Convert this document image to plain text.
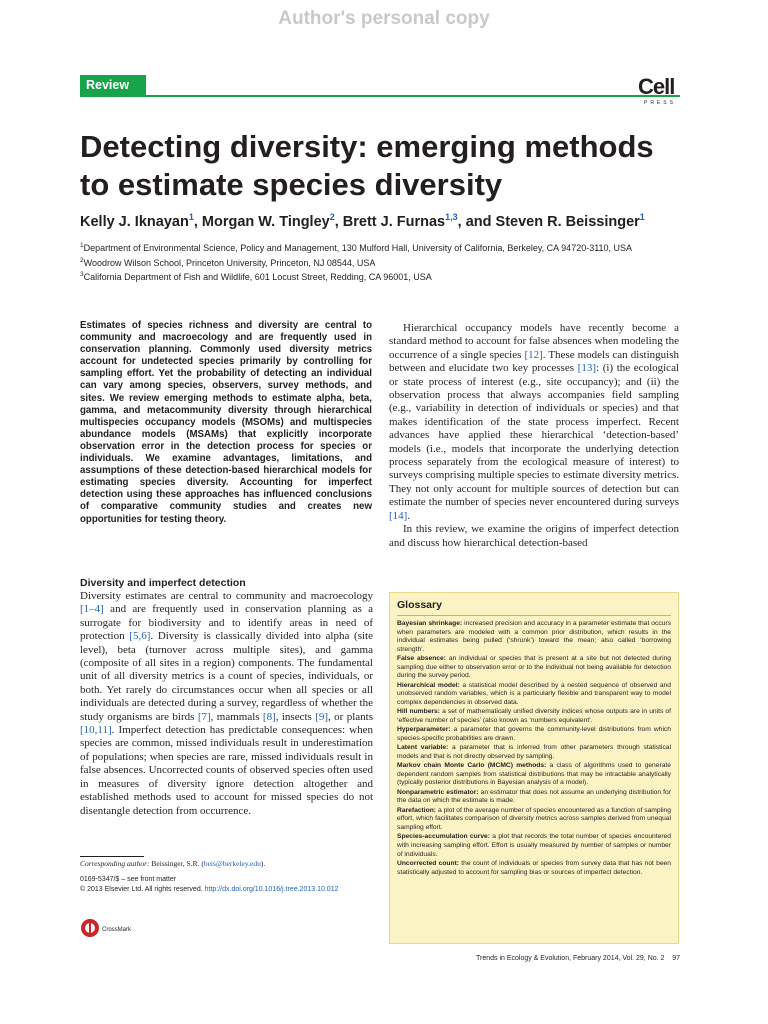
Author's personal copy
Review	Cell
PRESS
Detecting diversity: emerging methods to estimate species diversity
Kelly J. Iknayan$^1$, Morgan W. Tingley$^2$, Brett J. Furnas$^{1,3}$, and Steven R. Beissinger$^1$
$^1$Department of Environmental Science, Policy and Management, 130 Mulford Hall, University of California, Berkeley, CA 94720-3110, USA
$^2$Woodrow Wilson School, Princeton University, Princeton, NJ 08544, USA
$^3$California Department of Fish and Wildlife, 601 Locust Street, Redding, CA 96001, USA
Estimates of species richness and diversity are central to community and macroecology and are frequently used in conservation planning. Commonly used diversity metrics account for undetected species primarily by controlling for sampling effort. Yet the probability of detecting an individual can vary among species, observers, survey methods, and sites. We review emerging methods to estimate alpha, beta, gamma, and metacommunity diversity through hierarchical multispecies occupancy models (MSOMs) and multispecies abundance models (MSAMs) that explicitly incorporate observation error in the detection process for species or individuals. We examine advantages, limitations, and assumptions of these detection-based hierarchical models for estimating species diversity. Accounting for imperfect detection using these approaches has influenced conclusions of comparative community studies and creates new opportunities for testing theory.
Diversity and imperfect detection

Diversity estimates are central to community and macroecology [1–4] and are frequently used in conservation planning as a surrogate for biodiversity and to identify areas in need of protection [5,6]. Diversity is classically divided into alpha (site level), beta (turnover across multiple sites), and gamma (composite of all sites in a region) components. The fundamental unit of all diversity metrics is a count of species, individuals, or both. Yet rarely do circumstances occur when all species or all individuals are detected during a survey, regardless of whether the study organisms are birds [7], mammals [8], insects [9], or plants [10,11]. Imperfect detection has predictable consequences: when species are common, missed individuals result in underestimation of populations; when species are rare, missed individuals result in false absences. Uncorrected counts of observed species often used in measures of diversity ignore detection altogether and established methods used to account for missed species do not disentangle detection from occurrence.

Hierarchical occupancy models have recently become a standard method to account for false absences when modeling the occurrence of a single species [12]. These models can distinguish between and elucidate two key processes [13]: (i) the ecological or state process of interest (e.g., site occupancy); and (ii) the observation process that always accompanies field sampling (e.g., variability in detection of individuals or species) and that makes identification of the state process imperfect. Recent advances have applied these hierarchical ‘detection-based’ models (i.e., models that incorporate the underlying detection process separately from the ecological measure of interest) to surveys comprising multiple species to estimate diversity metrics. They not only account for multiple sources of detection but can estimate the number of species never encountered during surveys [14].

In this review, we examine the origins of imperfect detection and discuss how hierarchical detection-based

Corresponding author: Beissinger, S.R. (beis@berkeley.edu).
0169-5347/$ – see front matter
© 2013 Elsevier Ltd. All rights reserved. http://dx.doi.org/10.1016/j.tree.2013.10.012
CrossMark
Glossary
Bayesian shrinkage: increased precision and accuracy in a parameter estimate that occurs when parameters are modeled with a common prior distribution, which results in the individual estimates being pulled (‘shrunk’) toward the mean; also called ‘borrowing strength’.
False absence: an individual or species that is present at a site but not detected during sampling due either to observation error or to the individual not being available for detection during the survey period.
Hierarchical model: a statistical model described by a nested sequence of observed and unobserved random variables, which is a particularly flexible and transparent way to model complex dependencies in observed data.
Hill numbers: a set of mathematically unified diversity indices whose outputs are in units of ‘effective number of species’ (also known as ‘numbers equivalent’.
Hyperparameter: a parameter that governs the community-level distributions from which species-specific probabilities are drawn.
Latent variable: a parameter that is inferred from other parameters through statistical models and that is not directly observed by sampling.
Markov chain Monte Carlo (MCMC) methods: a class of algorithms used to generate dependent random samples from statistical distributions that may be intractable analytically (typically posterior distributions in Bayesian analysis of a model).
Nonparametric estimator: an estimator that does not assume an underlying distribution for the data on which the estimate is made.
Rarefaction: a plot of the average number of species encountered as a function of sampling effort, which facilitates comparison of diversity metrics across samples derived from unequal sampling effort.
Species-accumulation curve: a plot that records the total number of species encountered with increasing sampling effort. Effort is usually measured by number of samples or number of individuals.
Uncorrected count: the count of individuals or species from survey data that has not been statistically adjusted to account for sampling bias or sources of imperfect detection.
Trends in Ecology & Evolution, February 2014, Vol. 29, No. 2    97
